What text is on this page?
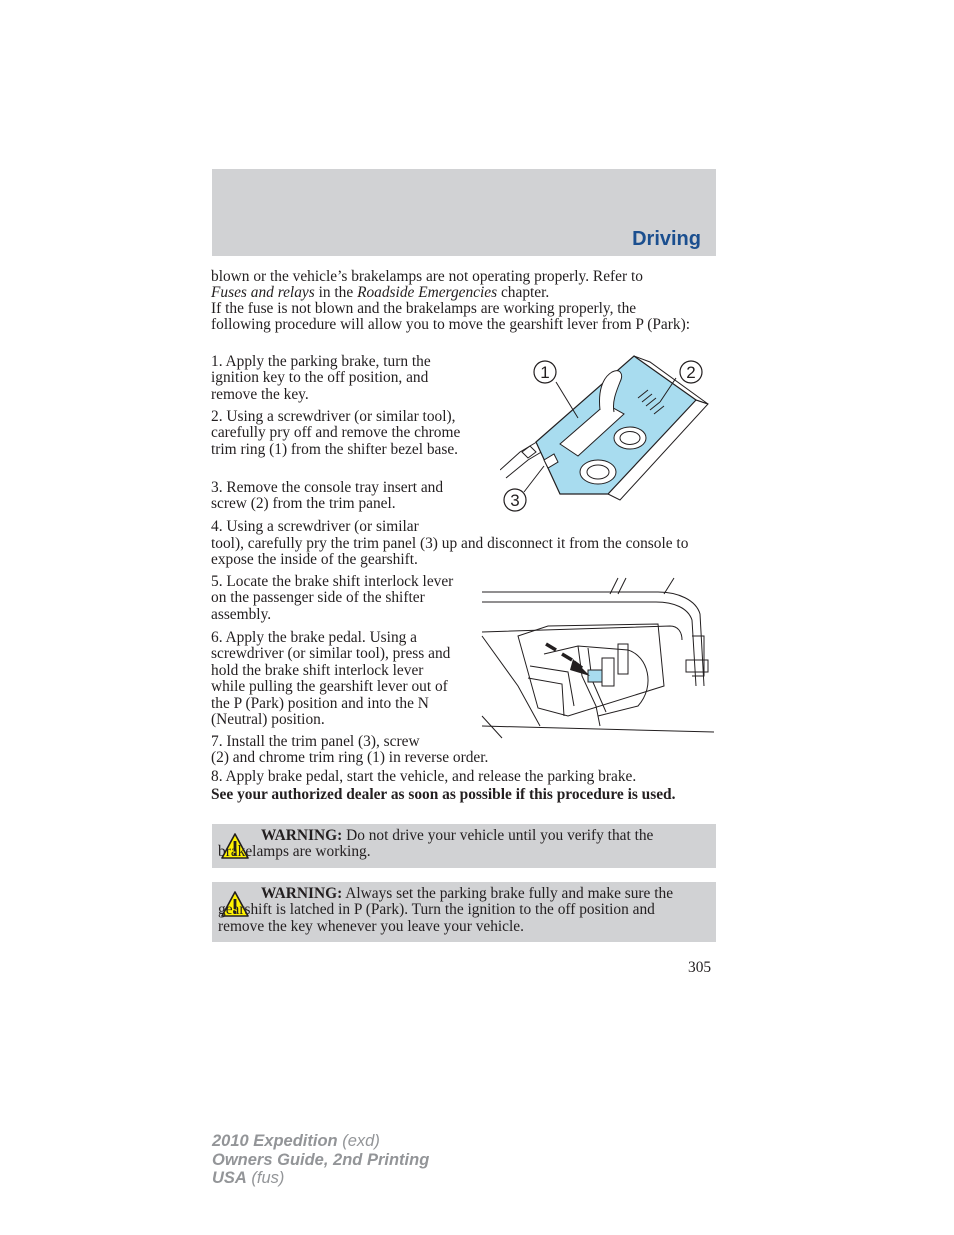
Driving

blown or the vehicle’s brakelamps are not operating properly. Refer to
Fuses and relays in the Roadside Emergencies chapter.

If the fuse is not blown and the brakelamps are working properly, the following procedure will allow you to move the gearshift lever from P (Park):

1. Apply the parking brake, turn the ignition key to the off position, and remove the key.

2. Using a screwdriver (or similar tool), carefully pry off and remove the chrome trim ring (1) from the shifter bezel base.

3. Remove the console tray insert and screw (2) from the trim panel.

4. Using a screwdriver (or similar

tool), carefully pry the trim panel (3) up and disconnect it from the console to expose the inside of the gearshift.

5. Locate the brake shift interlock lever on the passenger side of the shifter assembly.

6. Apply the brake pedal. Using a screwdriver (or similar tool), press and hold the brake shift interlock lever while pulling the gearshift lever out of the P (Park) position and into the N (Neutral) position.

7. Install the trim panel (3), screw

(2) and chrome trim ring (1) in reverse order.

8. Apply brake pedal, start the vehicle, and release the parking brake.

See your authorized dealer as soon as possible if this procedure is used.

1	2
3

WARNING: Do not drive your vehicle until you verify that the brakelamps are working.

WARNING: Always set the parking brake fully and make sure the gearshift is latched in P (Park). Turn the ignition to the off position and remove the key whenever you leave your vehicle.

305
2010 Expedition (exd)
Owners Guide, 2nd Printing
USA (fus)
